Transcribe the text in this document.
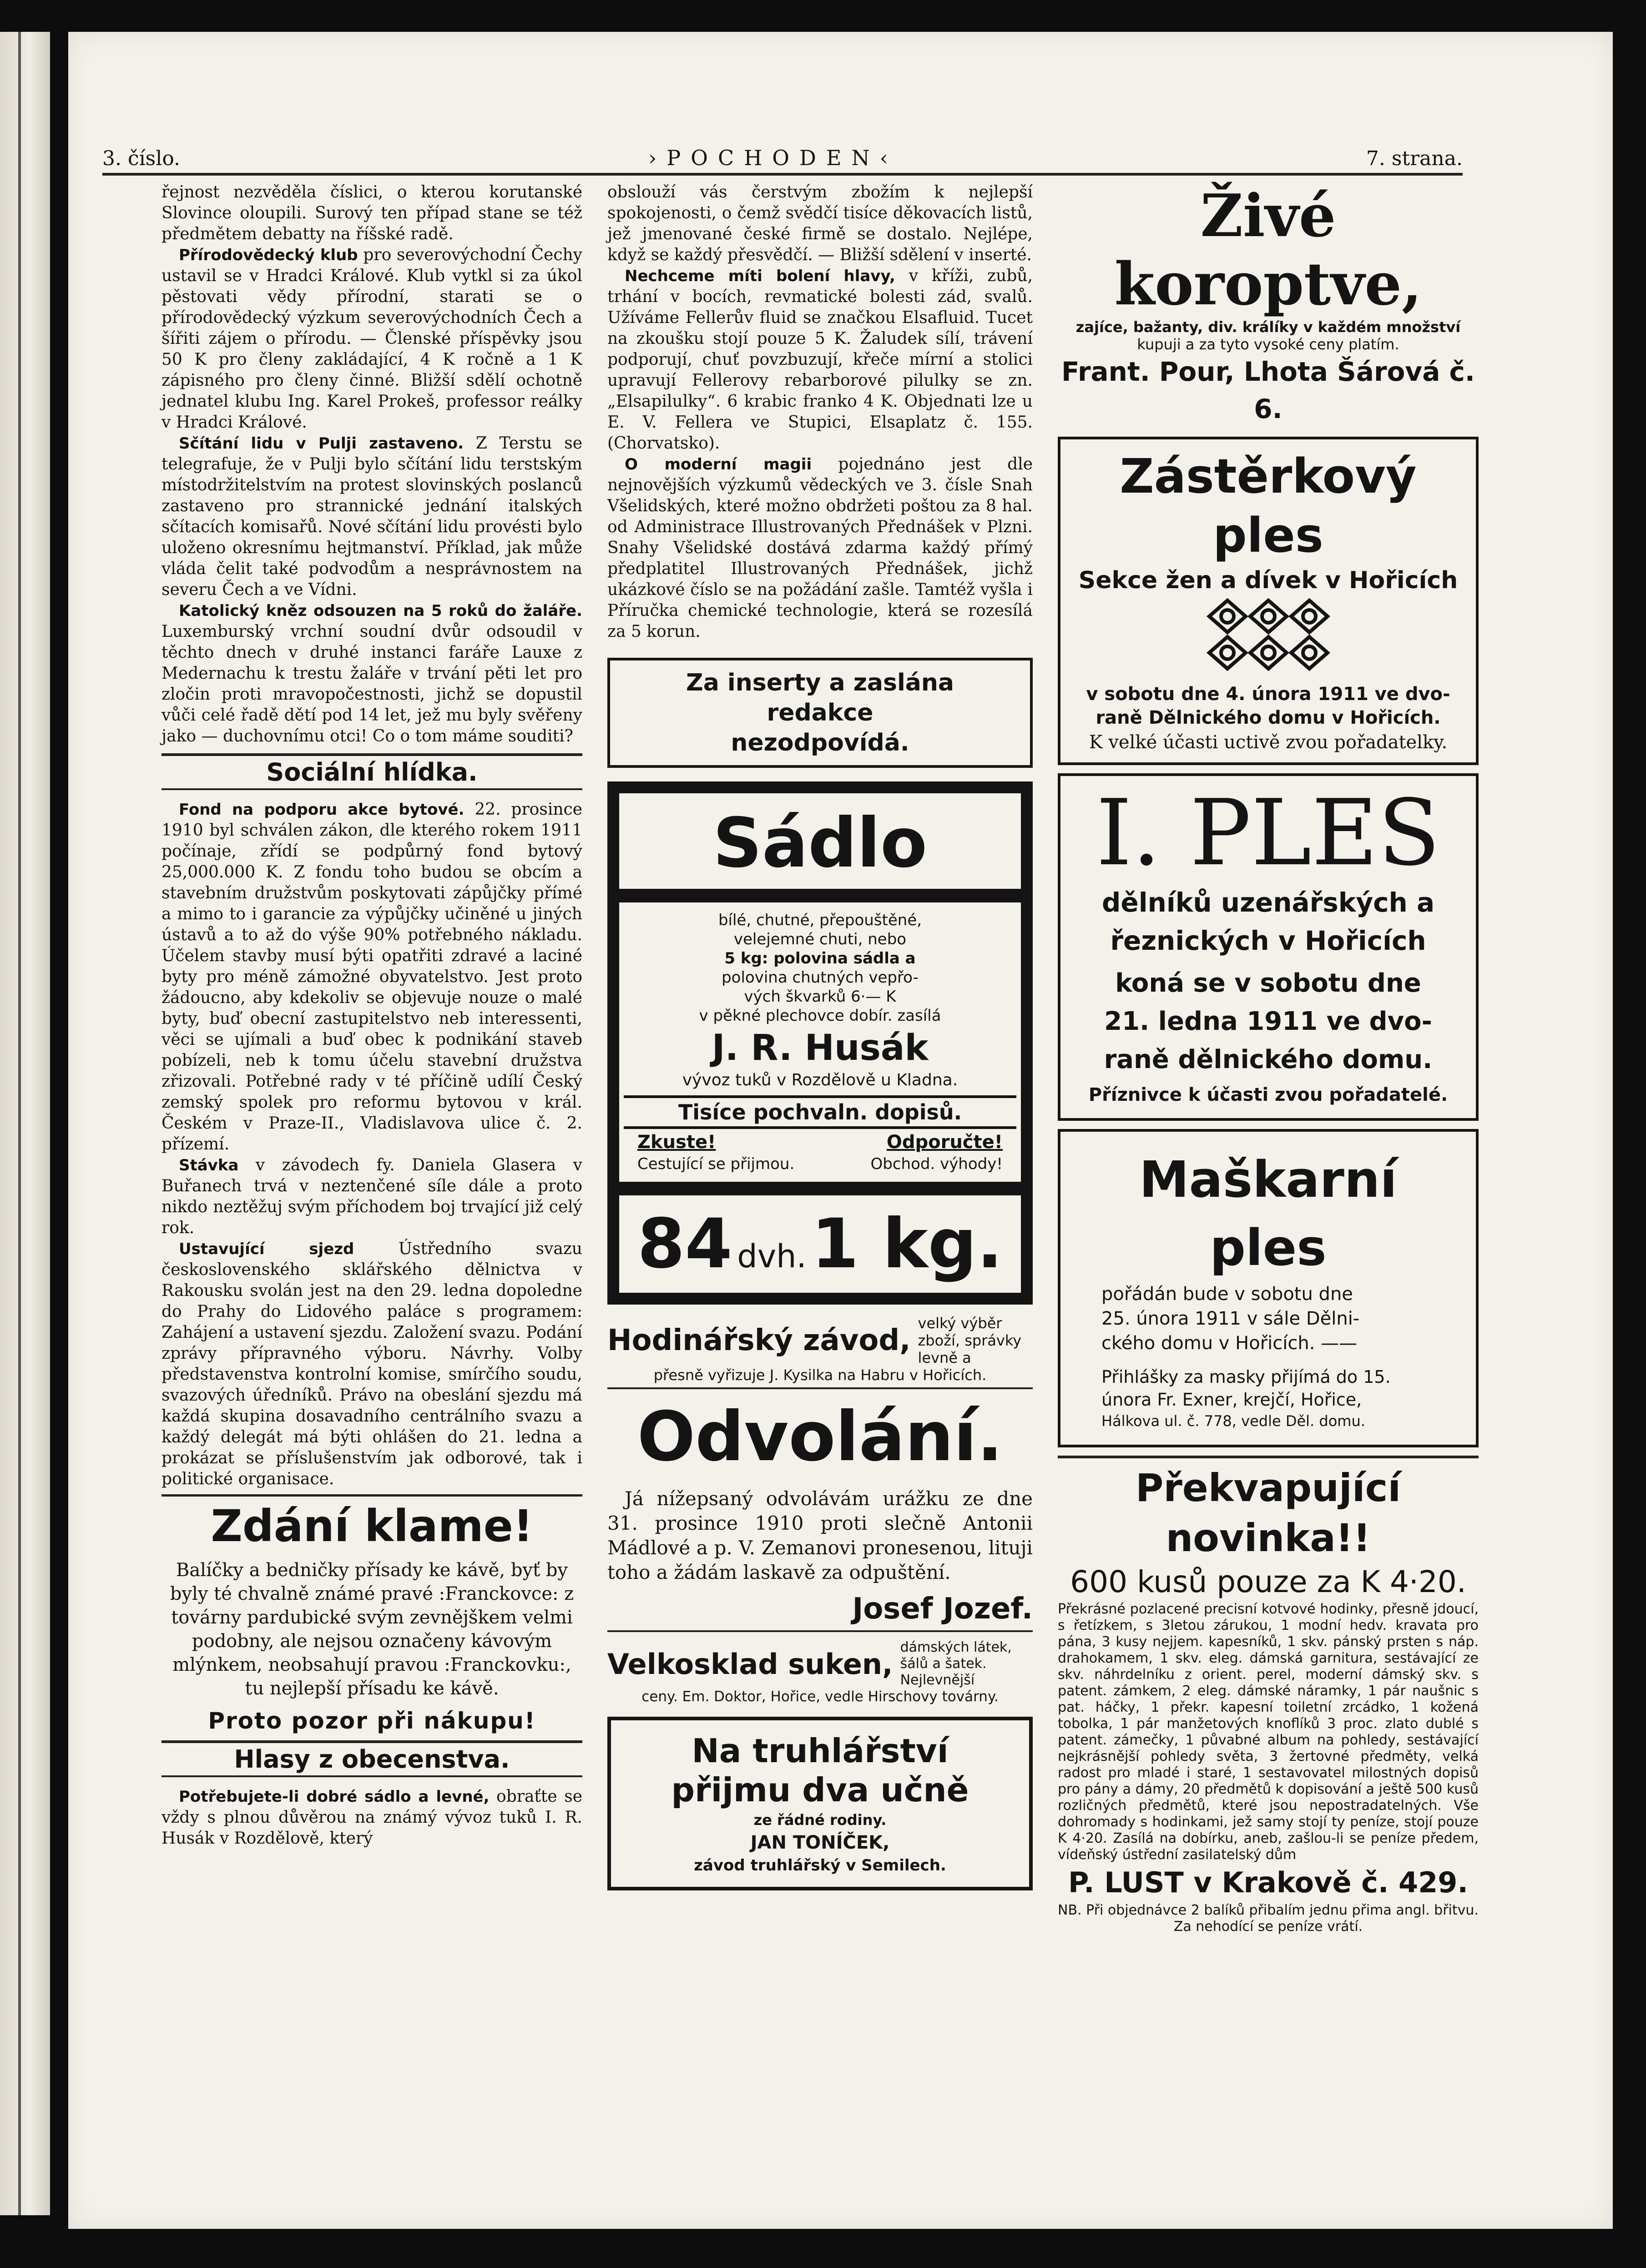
3. číslo.	›POCHODEN‹	7. strana.

řejnost nezvěděla číslici, o kterou korutanské Slovince oloupili. Surový ten případ stane se též předmětem debatty na říšské radě.

Přírodovědecký klub pro severovýchodní Čechy ustavil se v Hradci Králové. Klub vytkl si za úkol pěstovati vědy přírodní, starati se o přírodovědecký výzkum severovýchodních Čech a šířiti zájem o přírodu. — Členské příspěvky jsou 50 K pro členy zakládající, 4 K ročně a 1 K zápisného pro členy činné. Bližší sdělí ochotně jednatel klubu Ing. Karel Prokeš, professor reálky v Hradci Králové.

Sčítání lidu v Pulji zastaveno. Z Terstu se telegrafuje, že v Pulji bylo sčítání lidu terstským místodržitelstvím na protest slovinských poslanců zastaveno pro strannické jednání italských sčítacích komisařů. Nové sčítání lidu provésti bylo uloženo okresnímu hejtmanství. Příklad, jak může vláda čelit také podvodům a nesprávnostem na severu Čech a ve Vídni.

Katolický kněz odsouzen na 5 roků do žaláře. Luxemburský vrchní soudní dvůr odsoudil v těchto dnech v druhé instanci faráře Lauxe z Medernachu k trestu žaláře v trvání pěti let pro zločin proti mravopočestnosti, jichž se dopustil vůči celé řadě dětí pod 14 let, jež mu byly svěřeny jako — duchovnímu otci! Co o tom máme souditi?

Sociální hlídka.

Fond na podporu akce bytové. 22. prosince 1910 byl schválen zákon, dle kterého rokem 1911 počínaje, zřídí se podpůrný fond bytový 25,000.000 K. Z fondu toho budou se obcím a stavebním družstvům poskytovati zápůjčky přímé a mimo to i garancie za výpůjčky učiněné u jiných ústavů a to až do výše 90% potřebného nákladu. Účelem stavby musí býti opatřiti zdravé a laciné byty pro méně zámožné obyvatelstvo. Jest proto žádoucno, aby kdekoliv se objevuje nouze o malé byty, buď obecní zastupitelstvo neb interessenti, věci se ujímali a buď obec k podnikání staveb pobízeli, neb k tomu účelu stavební družstva zřizovali. Potřebné rady v té příčině udílí Český zemský spolek pro reformu bytovou v král. Českém v Praze-II., Vladislavova ulice č. 2. přízemí.

Stávka v závodech fy. Daniela Glasera v Buřanech trvá v neztenčené síle dále a proto nikdo neztěžuj svým příchodem boj trvající již celý rok.

Ustavující sjezd Ústředního svazu československého sklářského dělnictva v Rakousku svolán jest na den 29. ledna dopoledne do Prahy do Lidového paláce s programem: Zahájení a ustavení sjezdu. Založení svazu. Podání zprávy přípravného výboru. Návrhy. Volby představenstva kontrolní komise, smírčího soudu, svazových úředníků. Právo na obeslání sjezdu má každá skupina dosavadního centrálního svazu a každý delegát má býti ohlášen do 21. ledna a prokázat se příslušenstvím jak odborové, tak i politické organisace.

Zdání klame!

Balíčky a bedničky přísady ke kávě, byť by byly té chvalně známé pravé :Franckovce: z továrny pardubické svým zevnějškem velmi podobny, ale nejsou označeny kávovým mlýnkem, neobsahují pravou :Franckovku:, tu nejlepší přísadu ke kávě.

Proto pozor při nákupu!
Hlasy z obecenstva.

Potřebujete-li dobré sádlo a levné, obraťte se vždy s plnou důvěrou na známý vývoz tuků I. R. Husák v Rozdělově, který

obslouží vás čerstvým zbožím k nejlepší spokojenosti, o čemž svědčí tisíce děkovacích listů, jež jmenované české firmě se dostalo. Nejlépe, když se každý přesvědčí. — Bližší sdělení v inserté.

Nechceme míti bolení hlavy, v kříži, zubů, trhání v bocích, revmatické bolesti zád, svalů. Užíváme Fellerův fluid se značkou Elsafluid. Tucet na zkoušku stojí pouze 5 K. Žaludek sílí, trávení podporují, chuť povzbuzují, křeče mírní a stolici upravují Fellerovy rebarborové pilulky se zn. „Elsapilulky“. 6 krabic franko 4 K. Objednati lze u E. V. Fellera ve Stupici, Elsaplatz č. 155. (Chorvatsko).

O moderní magii pojednáno jest dle nejnovějších výzkumů vědeckých ve 3. čísle Snah Všelidských, které možno obdržeti poštou za 8 hal. od Administrace Illustrovaných Přednášek v Plzni. Snahy Všelidské dostává zdarma každý přímý předplatitel Illustrovaných Přednášek, jichž ukázkové číslo se na požádání zašle. Tamtéž vyšla i Příručka chemické technologie, která se rozesílá za 5 korun.

Za inserty a zaslána redakce nezodpovídá.
Sádlo
bílé, chutné, přepouštěné,
velejemné chuti, nebo
5 kg: polovina sádla a
polovina chutných vepřo-
vých škvarků 6·— K
v pěkné plechovce dobír. zasílá
J. R. Husák
vývoz tuků v Rozdělově u Kladna.
Tisíce pochvaln. dopisů.
Zkuste!	Odporučte!
Cestující se přijmou.	Obchod. výhody!
84 dvh. 1 kg.
Hodinářský závod,
velký výběr zboží, správky levně a
přesně vyřizuje J. Kysilka na Habru v Hořicích.
Odvolání.

Já nížepsaný odvolávám urážku ze dne 31. prosince 1910 proti slečně Antonii Mádlové a p. V. Zemanovi pronesenou, lituji toho a žádám laskavě za odpuštění.

Josef Jozef.
Velkosklad suken, dámských látek, šálů a šatek. Nejlevnější
ceny. Em. Doktor, Hořice, vedle Hirschovy továrny.
Na truhlářství
přijmu dva učně
ze řádné rodiny.
JAN TONÍČEK,
závod truhlářský v Semilech.
Živé koroptve,
zajíce, bažanty, div. králíky v každém množství
kupuji a za tyto vysoké ceny platím.
Frant. Pour, Lhota Šárová č. 6.
Zástěrkový ples
Sekce žen a dívek v Hořicích
v sobotu dne 4. února 1911 ve dvo-
raně Dělnického domu v Hořicích.
K velké účasti uctivě zvou pořadatelky.
I. PLES
dělníků uzenářských a
řeznických v Hořicích
koná se v sobotu dne
21. ledna 1911 ve dvo-
raně dělnického domu.
Příznivce k účasti zvou pořadatelé.
Maškarní ples
pořádán bude v sobotu dne
25. února 1911 v sále Dělni-
ckého domu v Hořicích. ——
Přihlášky za masky přijímá do 15.
února Fr. Exner, krejčí, Hořice,
Hálkova ul. č. 778, vedle Děl. domu.
Překvapující novinka!!
600 kusů pouze za K 4·20.

Překrásné pozlacené precisní kotvové hodinky, přesně jdoucí, s řetízkem, s 3letou zárukou, 1 modní hedv. kravata pro pána, 3 kusy nejjem. kapesníků, 1 skv. pánský prsten s náp. drahokamem, 1 skv. eleg. dámská garnitura, sestávající ze skv. náhrdelníku z orient. perel, moderní dámský skv. s patent. zámkem, 2 eleg. dámské náramky, 1 pár naušnic s pat. háčky, 1 překr. kapesní toiletní zrcádko, 1 kožená tobolka, 1 pár manžetových knoflíků 3 proc. zlato dublé s patent. zámečky, 1 půvabné album na pohledy, sestávající nejkrásnější pohledy světa, 3 žertovné předměty, velká radost pro mladé i staré, 1 sestavovatel milostných dopisů pro pány a dámy, 20 předmětů k dopisování a ještě 500 kusů rozličných předmětů, které jsou nepostradatelných. Vše dohromady s hodinkami, jež samy stojí ty peníze, stojí pouze K 4·20. Zasílá na dobírku, aneb, zašlou-li se peníze předem, vídeňský ústřední zasilatelský dům

P. LUST v Krakově č. 429.
NB. Při objednávce 2 balíků přibalím jednu přima angl. břitvu. Za nehodící se peníze vrátí.
